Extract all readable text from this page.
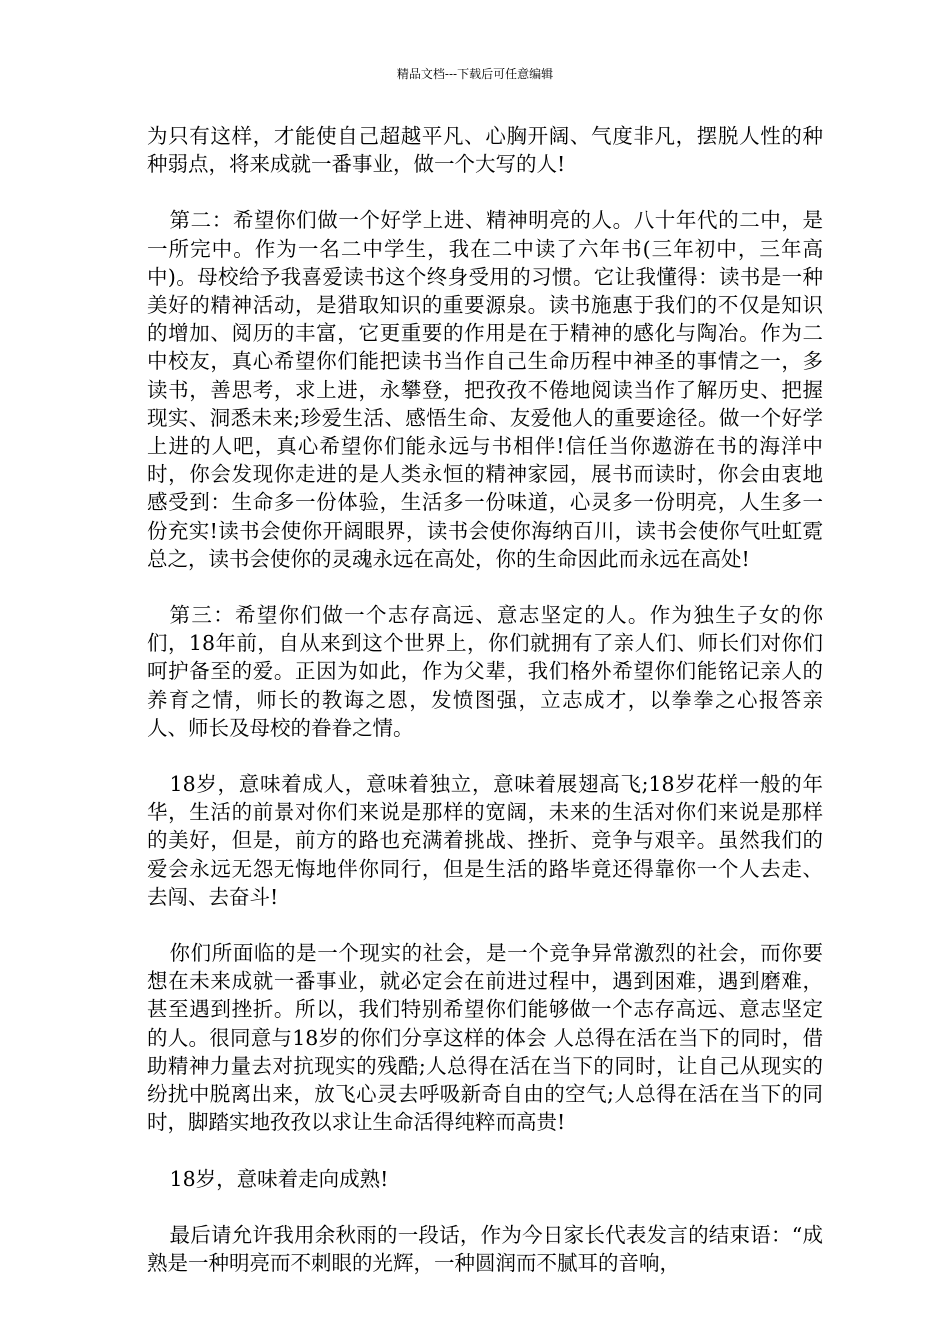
精品文档---下载后可任意编辑

为只有这样，才能使自己超越平凡、心胸开阔、气度非凡，摆脱人性的种种弱点，将来成就一番事业，做一个大写的人!

第二：希望你们做一个好学上进、精神明亮的人。八十年代的二中，是一所完中。作为一名二中学生，我在二中读了六年书(三年初中，三年高中)。母校给予我喜爱读书这个终身受用的习惯。它让我懂得：读书是一种美好的精神活动，是猎取知识的重要源泉。读书施惠于我们的不仅是知识的增加、阅历的丰富，它更重要的作用是在于精神的感化与陶冶。作为二中校友，真心希望你们能把读书当作自己生命历程中神圣的事情之一，多读书，善思考，求上进，永攀登，把孜孜不倦地阅读当作了解历史、把握现实、洞悉未来;珍爱生活、感悟生命、友爱他人的重要途径。做一个好学上进的人吧，真心希望你们能永远与书相伴!信任当你遨游在书的海洋中时，你会发现你走进的是人类永恒的精神家园，展书而读时，你会由衷地感受到：生命多一份体验，生活多一份味道，心灵多一份明亮，人生多一份充实!读书会使你开阔眼界，读书会使你海纳百川，读书会使你气吐虹霓 总之，读书会使你的灵魂永远在高处，你的生命因此而永远在高处!

第三：希望你们做一个志存高远、意志坚定的人。作为独生子女的你们，18年前，自从来到这个世界上，你们就拥有了亲人们、师长们对你们呵护备至的爱。正因为如此，作为父辈，我们格外希望你们能铭记亲人的养育之情，师长的教诲之恩，发愤图强，立志成才，以拳拳之心报答亲人、师长及母校的眷眷之情。

18岁，意味着成人，意味着独立，意味着展翅高飞;18岁花样一般的年华，生活的前景对你们来说是那样的宽阔，未来的生活对你们来说是那样的美好，但是，前方的路也充满着挑战、挫折、竞争与艰辛。虽然我们的爱会永远无怨无悔地伴你同行，但是生活的路毕竟还得靠你一个人去走、去闯、去奋斗!

你们所面临的是一个现实的社会，是一个竞争异常激烈的社会，而你要想在未来成就一番事业，就必定会在前进过程中，遇到困难，遇到磨难，甚至遇到挫折。所以，我们特别希望你们能够做一个志存高远、意志坚定的人。很同意与18岁的你们分享这样的体会 人总得在活在当下的同时，借助精神力量去对抗现实的残酷;人总得在活在当下的同时，让自己从现实的纷扰中脱离出来，放飞心灵去呼吸新奇自由的空气;人总得在活在当下的同时，脚踏实地孜孜以求让生命活得纯粹而高贵!

18岁，意味着走向成熟!

最后请允许我用余秋雨的一段话，作为今日家长代表发言的结束语：“成熟是一种明亮而不刺眼的光辉，一种圆润而不腻耳的音响，
